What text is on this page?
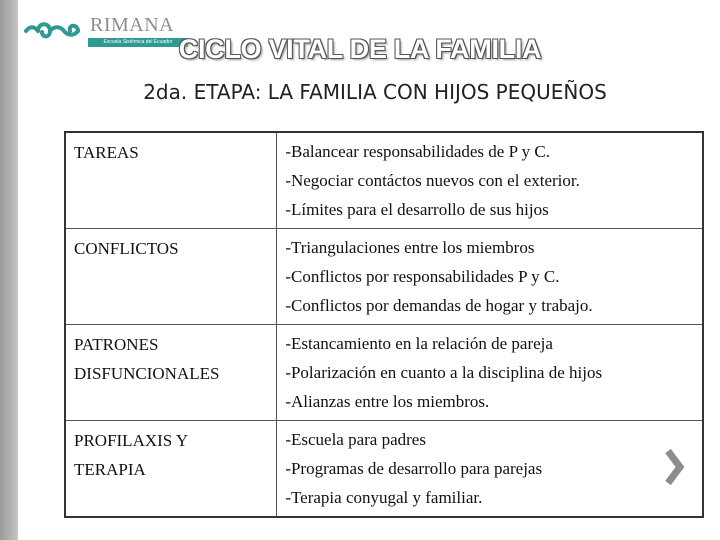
RIMANA
Escuela Sistémica del Ecuador CICLO VITAL DE LA FAMILIA
2da. ETAPA: LA FAMILIA CON HIJOS PEQUEÑOS
TAREAS	-Balancear responsabilidades de P y C.
-Negociar contáctos nuevos con el exterior.
-Límites para el desarrollo de sus hijos

CONFLICTOS	-Triangulaciones entre los miembros
-Conflictos por responsabilidades P y C.
-Conflictos por demandas de hogar y trabajo.

PATRONES
DISFUNCIONALES	-Estancamiento en la relación de pareja
-Polarización en cuanto a la disciplina de hijos
-Alianzas entre los miembros.

PROFILAXIS Y
TERAPIA	-Escuela para padres
-Programas de desarrollo para parejas
-Terapia conyugal y familiar.
